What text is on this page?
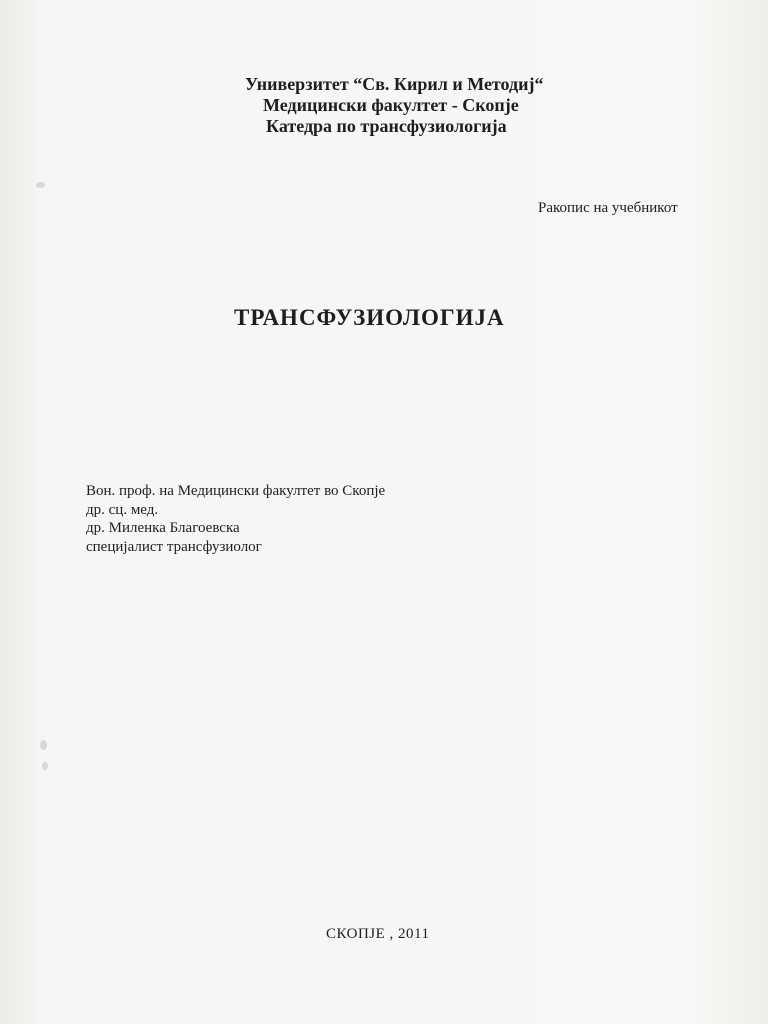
Универзитет “Св. Кирил и Методиј“
Медицински факултет - Скопје
Катедра по трансфузиологија
Ракопис на учебникот
ТРАНСФУЗИОЛОГИЈА
Вон. проф. на Медицински факултет во Скопје
др. сц. мед.
др. Миленка Благоевска
специјалист трансфузиолог
СКОПЈЕ , 2011
